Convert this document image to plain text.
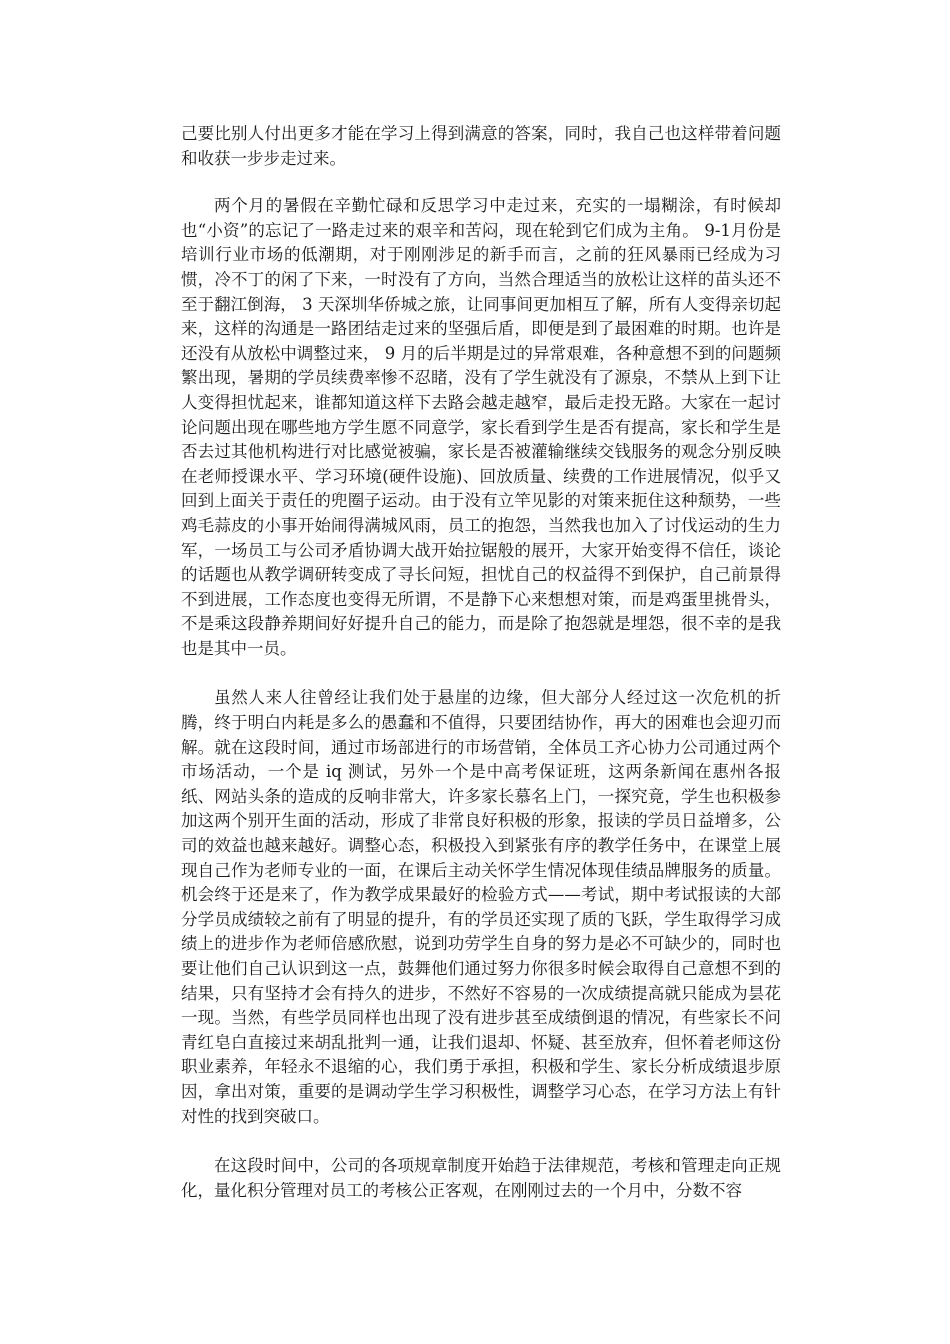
己要比别人付出更多才能在学习上得到满意的答案，同时，我自己也这样带着问题和收获一步步走过来。

两个月的暑假在辛勤忙碌和反思学习中走过来，充实的一塌糊涂，有时候却也“小资”的忘记了一路走过来的艰辛和苦闷，现在轮到它们成为主角。 9-1月份是培训行业市场的低潮期，对于刚刚涉足的新手而言，之前的狂风暴雨已经成为习惯，冷不丁的闲了下来，一时没有了方向，当然合理适当的放松让这样的苗头还不至于翻江倒海， 3 天深圳华侨城之旅，让同事间更加相互了解，所有人变得亲切起来，这样的沟通是一路团结走过来的坚强后盾，即便是到了最困难的时期。也许是还没有从放松中调整过来， 9 月的后半期是过的异常艰难，各种意想不到的问题频繁出现，暑期的学员续费率惨不忍睹，没有了学生就没有了源泉，不禁从上到下让人变得担忧起来，谁都知道这样下去路会越走越窄，最后走投无路。大家在一起讨论问题出现在哪些地方学生愿不同意学，家长看到学生是否有提高，家长和学生是否去过其他机构进行对比感觉被骗，家长是否被灌输继续交钱服务的观念分别反映在老师授课水平、学习环境(硬件设施)、回放质量、续费的工作进展情况，似乎又回到上面关于责任的兜圈子运动。由于没有立竿见影的对策来扼住这种颓势，一些鸡毛蒜皮的小事开始闹得满城风雨，员工的抱怨，当然我也加入了讨伐运动的生力军，一场员工与公司矛盾协调大战开始拉锯般的展开，大家开始变得不信任，谈论的话题也从教学调研转变成了寻长问短，担忧自己的权益得不到保护，自己前景得不到进展，工作态度也变得无所谓，不是静下心来想想对策，而是鸡蛋里挑骨头，不是乘这段静养期间好好提升自己的能力，而是除了抱怨就是埋怨，很不幸的是我也是其中一员。

虽然人来人往曾经让我们处于悬崖的边缘，但大部分人经过这一次危机的折腾，终于明白内耗是多么的愚蠢和不值得，只要团结协作，再大的困难也会迎刃而解。就在这段时间，通过市场部进行的市场营销，全体员工齐心协力公司通过两个市场活动，一个是 iq 测试，另外一个是中高考保证班，这两条新闻在惠州各报纸、网站头条的造成的反响非常大，许多家长慕名上门，一探究竟，学生也积极参加这两个别开生面的活动，形成了非常良好积极的形象，报读的学员日益增多，公司的效益也越来越好。调整心态，积极投入到紧张有序的教学任务中，在课堂上展现自己作为老师专业的一面，在课后主动关怀学生情况体现佳绩品牌服务的质量。机会终于还是来了，作为教学成果最好的检验方式——考试，期中考试报读的大部分学员成绩较之前有了明显的提升，有的学员还实现了质的飞跃，学生取得学习成绩上的进步作为老师倍感欣慰，说到功劳学生自身的努力是必不可缺少的，同时也要让他们自己认识到这一点，鼓舞他们通过努力你很多时候会取得自己意想不到的结果，只有坚持才会有持久的进步，不然好不容易的一次成绩提高就只能成为昙花一现。当然，有些学员同样也出现了没有进步甚至成绩倒退的情况，有些家长不问青红皂白直接过来胡乱批判一通，让我们退却、怀疑、甚至放弃，但怀着老师这份职业素养，年轻永不退缩的心，我们勇于承担，积极和学生、家长分析成绩退步原因，拿出对策，重要的是调动学生学习积极性，调整学习心态，在学习方法上有针对性的找到突破口。

在这段时间中，公司的各项规章制度开始趋于法律规范，考核和管理走向正规化，量化积分管理对员工的考核公正客观，在刚刚过去的一个月中，分数不容
